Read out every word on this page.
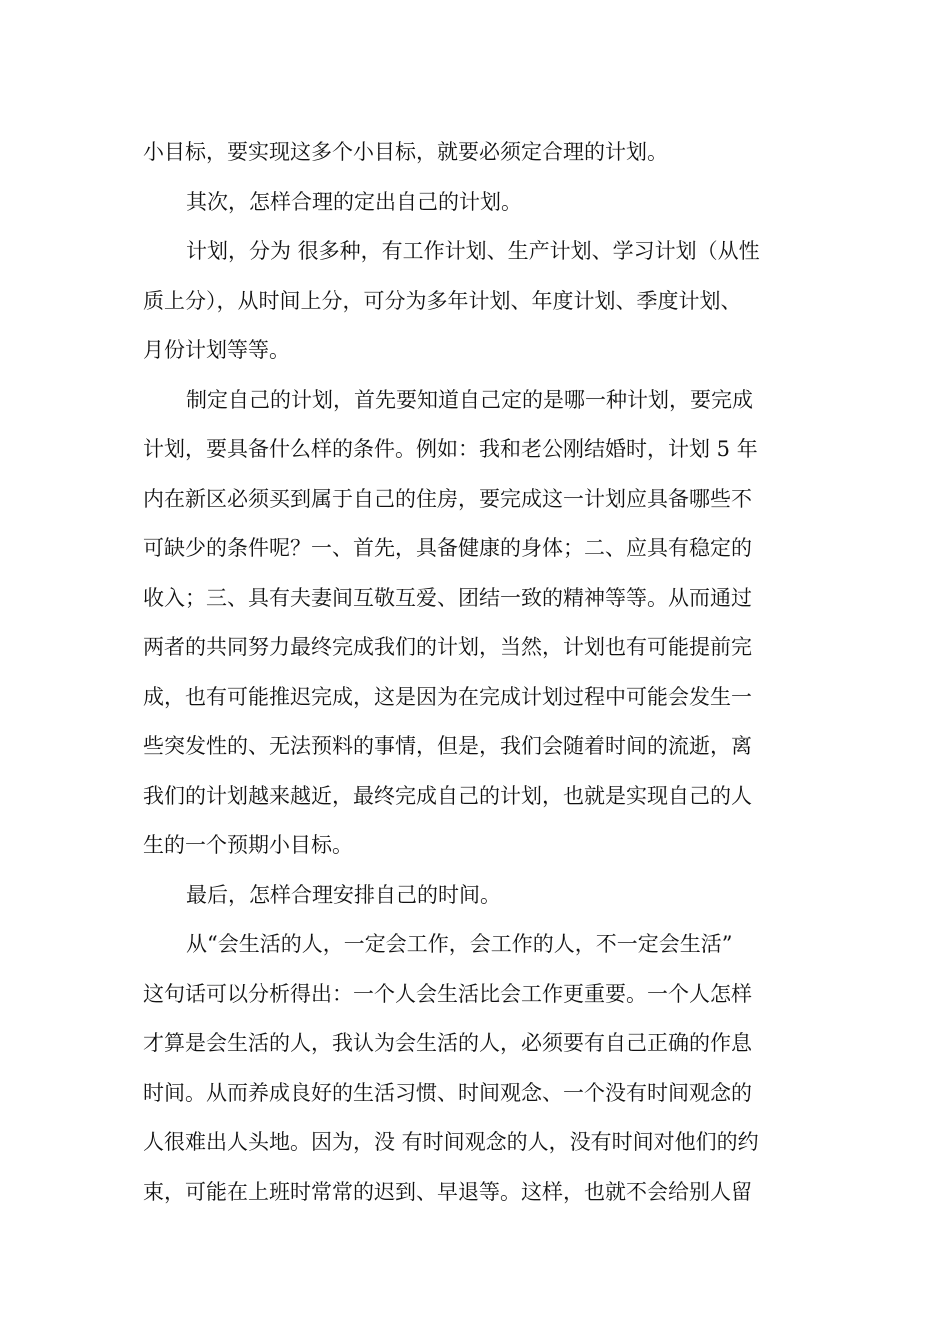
小目标，要实现这多个小目标，就要必须定合理的计划。
其次，怎样合理的定出自己的计划。
计划，分为 很多种，有工作计划、生产计划、学习计划（从性
质上分），从时间上分，可分为多年计划、年度计划、季度计划、
月份计划等等。
制定自己的计划，首先要知道自己定的是哪一种计划，要完成
计划，要具备什么样的条件。例如：我和老公刚结婚时，计划 5 年
内在新区必须买到属于自己的住房，要完成这一计划应具备哪些不
可缺少的条件呢？一、首先，具备健康的身体；二、应具有稳定的
收入；三、具有夫妻间互敬互爱、团结一致的精神等等。从而通过
两者的共同努力最终完成我们的计划，当然，计划也有可能提前完
成，也有可能推迟完成，这是因为在完成计划过程中可能会发生一
些突发性的、无法预料的事情，但是，我们会随着时间的流逝，离
我们的计划越来越近，最终完成自己的计划，也就是实现自己的人
生的一个预期小目标。
最后，怎样合理安排自己的时间。
从“会生活的人，一定会工作，会工作的人，不一定会生活”
这句话可以分析得出：一个人会生活比会工作更重要。一个人怎样
才算是会生活的人，我认为会生活的人，必须要有自己正确的作息
时间。从而养成良好的生活习惯、时间观念、一个没有时间观念的
人很难出人头地。因为，没 有时间观念的人，没有时间对他们的约
束，可能在上班时常常的迟到、早退等。这样，也就不会给别人留
